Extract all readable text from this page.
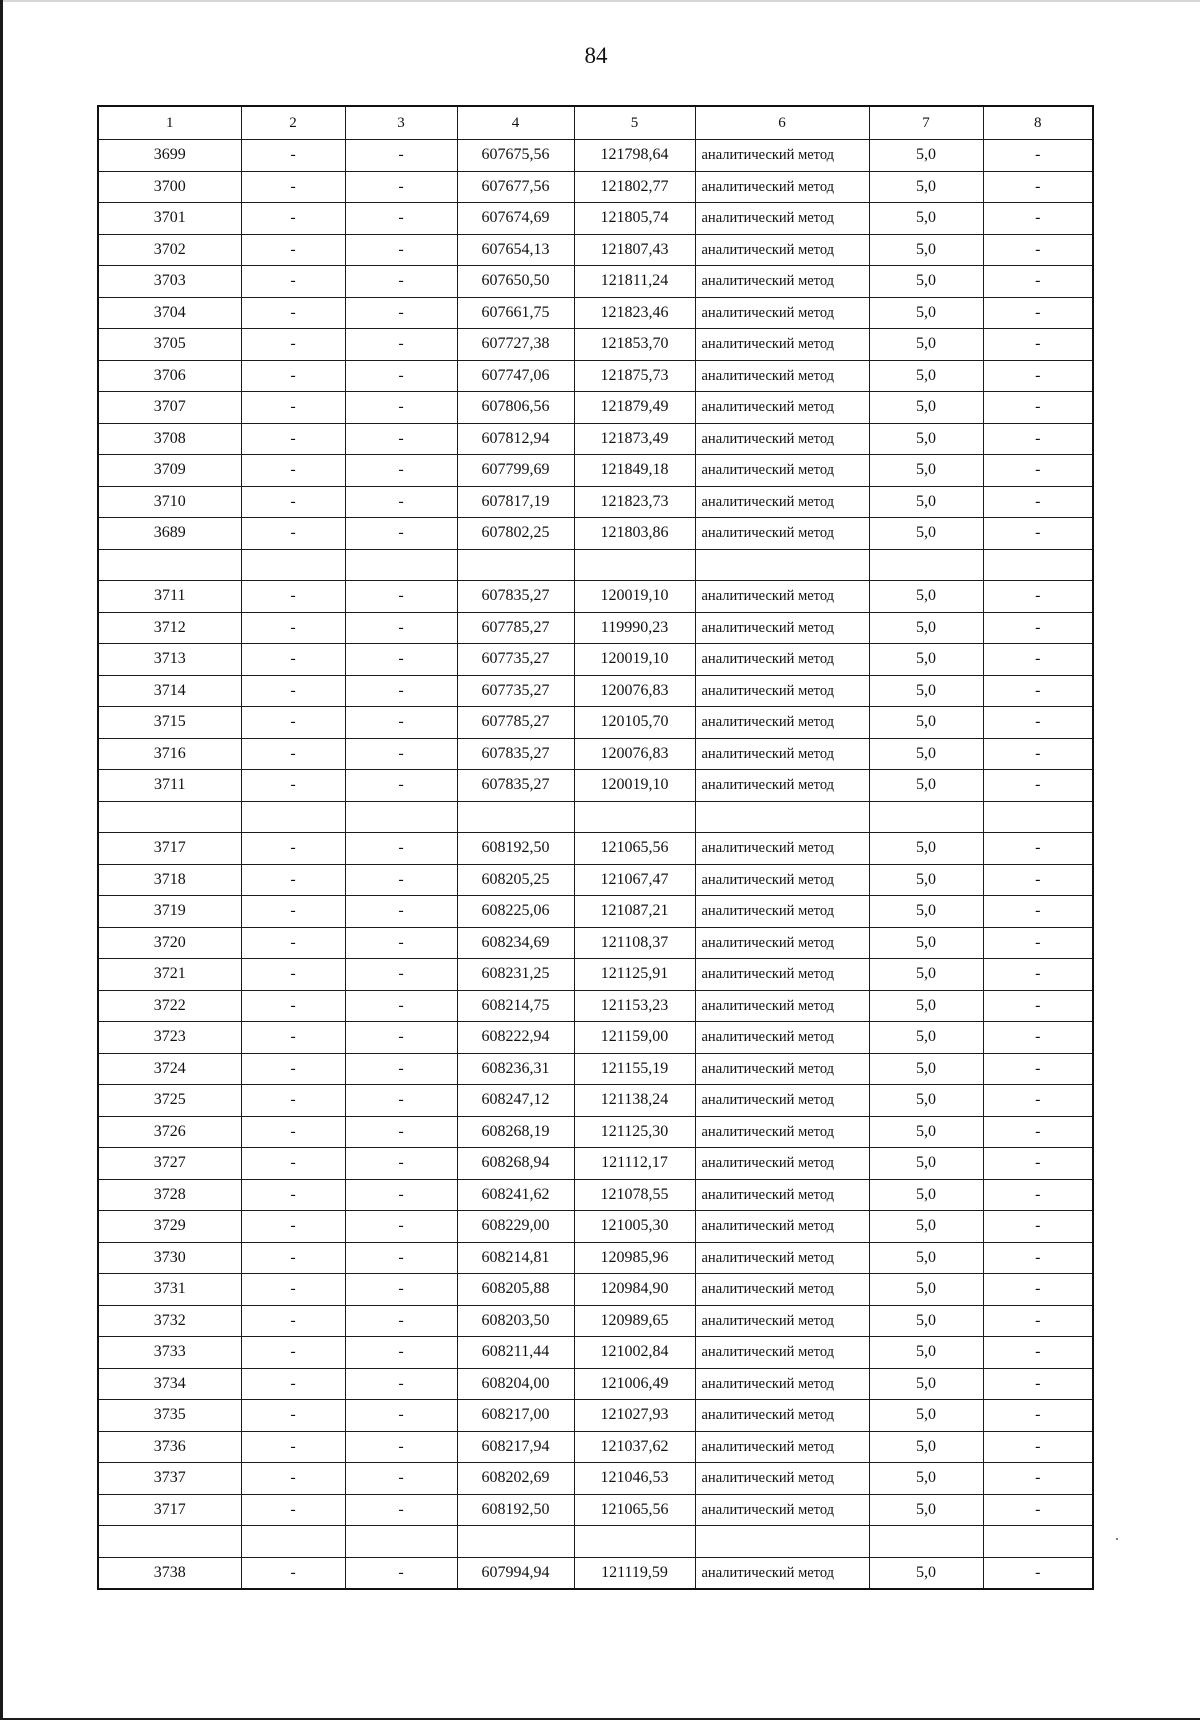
84
1	2	3	4	5	6	7	8
3699	-	-	607675,56	121798,64	аналитический метод	5,0	-
3700	-	-	607677,56	121802,77	аналитический метод	5,0	-
3701	-	-	607674,69	121805,74	аналитический метод	5,0	-
3702	-	-	607654,13	121807,43	аналитический метод	5,0	-
3703	-	-	607650,50	121811,24	аналитический метод	5,0	-
3704	-	-	607661,75	121823,46	аналитический метод	5,0	-
3705	-	-	607727,38	121853,70	аналитический метод	5,0	-
3706	-	-	607747,06	121875,73	аналитический метод	5,0	-
3707	-	-	607806,56	121879,49	аналитический метод	5,0	-
3708	-	-	607812,94	121873,49	аналитический метод	5,0	-
3709	-	-	607799,69	121849,18	аналитический метод	5,0	-
3710	-	-	607817,19	121823,73	аналитический метод	5,0	-
3689	-	-	607802,25	121803,86	аналитический метод	5,0	-

3711	-	-	607835,27	120019,10	аналитический метод	5,0	-
3712	-	-	607785,27	119990,23	аналитический метод	5,0	-
3713	-	-	607735,27	120019,10	аналитический метод	5,0	-
3714	-	-	607735,27	120076,83	аналитический метод	5,0	-
3715	-	-	607785,27	120105,70	аналитический метод	5,0	-
3716	-	-	607835,27	120076,83	аналитический метод	5,0	-
3711	-	-	607835,27	120019,10	аналитический метод	5,0	-

3717	-	-	608192,50	121065,56	аналитический метод	5,0	-
3718	-	-	608205,25	121067,47	аналитический метод	5,0	-
3719	-	-	608225,06	121087,21	аналитический метод	5,0	-
3720	-	-	608234,69	121108,37	аналитический метод	5,0	-
3721	-	-	608231,25	121125,91	аналитический метод	5,0	-
3722	-	-	608214,75	121153,23	аналитический метод	5,0	-
3723	-	-	608222,94	121159,00	аналитический метод	5,0	-
3724	-	-	608236,31	121155,19	аналитический метод	5,0	-
3725	-	-	608247,12	121138,24	аналитический метод	5,0	-
3726	-	-	608268,19	121125,30	аналитический метод	5,0	-
3727	-	-	608268,94	121112,17	аналитический метод	5,0	-
3728	-	-	608241,62	121078,55	аналитический метод	5,0	-
3729	-	-	608229,00	121005,30	аналитический метод	5,0	-
3730	-	-	608214,81	120985,96	аналитический метод	5,0	-
3731	-	-	608205,88	120984,90	аналитический метод	5,0	-
3732	-	-	608203,50	120989,65	аналитический метод	5,0	-
3733	-	-	608211,44	121002,84	аналитический метод	5,0	-
3734	-	-	608204,00	121006,49	аналитический метод	5,0	-
3735	-	-	608217,00	121027,93	аналитический метод	5,0	-
3736	-	-	608217,94	121037,62	аналитический метод	5,0	-
3737	-	-	608202,69	121046,53	аналитический метод	5,0	-
3717	-	-	608192,50	121065,56	аналитический метод	5,0	-

3738	-	-	607994,94	121119,59	аналитический метод	5,0	-
